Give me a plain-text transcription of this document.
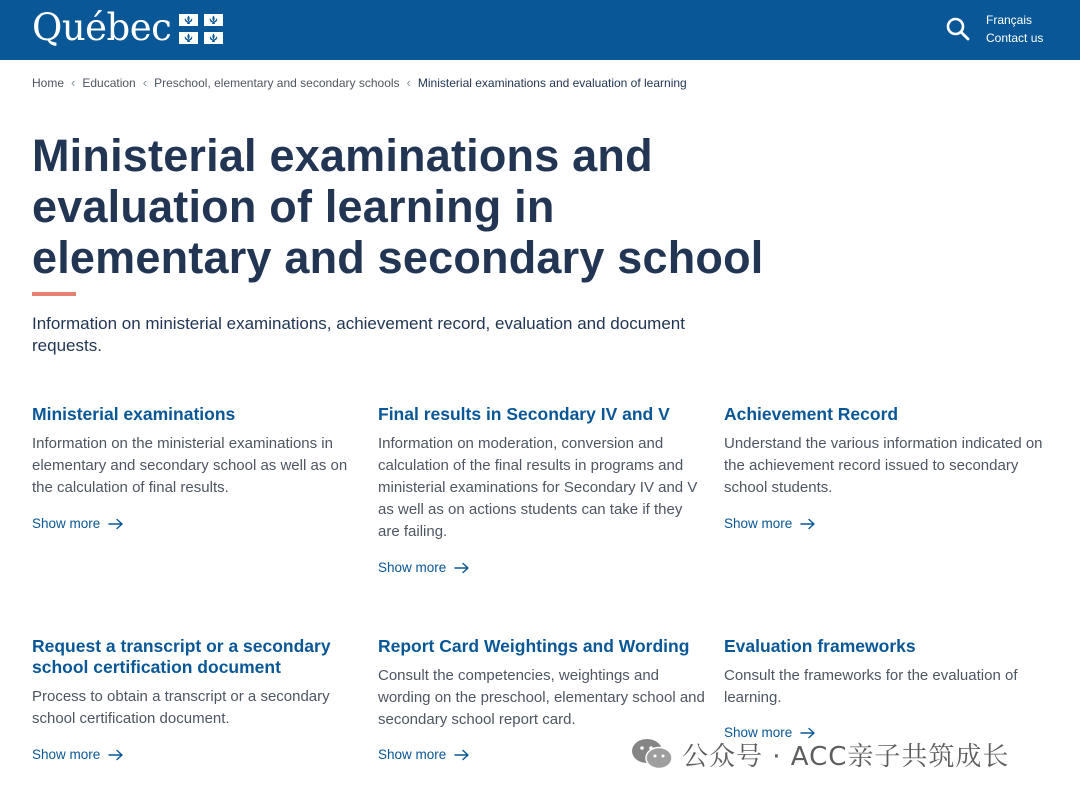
Québec	Français
Contact us
Home ‹ Education ‹ Preschool, elementary and secondary schools ‹ Ministerial examinations and evaluation of learning
Ministerial examinations and evaluation of learning in elementary and secondary school

Information on ministerial examinations, achievement record, evaluation and document requests.

Ministerial examinations

Information on the ministerial examinations in elementary and secondary school as well as on the calculation of final results.

Show more
Final results in Secondary IV and V

Information on moderation, conversion and calculation of the final results in programs and ministerial examinations for Secondary IV and V as well as on actions students can take if they are failing.

Show more
Achievement Record

Understand the various information indicated on the achievement record issued to secondary school students.

Show more
Request a transcript or a secondary school certification document

Process to obtain a transcript or a secondary school certification document.

Show more
Report Card Weightings and Wording

Consult the competencies, weightings and wording on the preschool, elementary school and secondary school report card.

Show more
Evaluation frameworks

Consult the frameworks for the evaluation of learning.

Show more
公众号 · ACC亲子共筑成长
